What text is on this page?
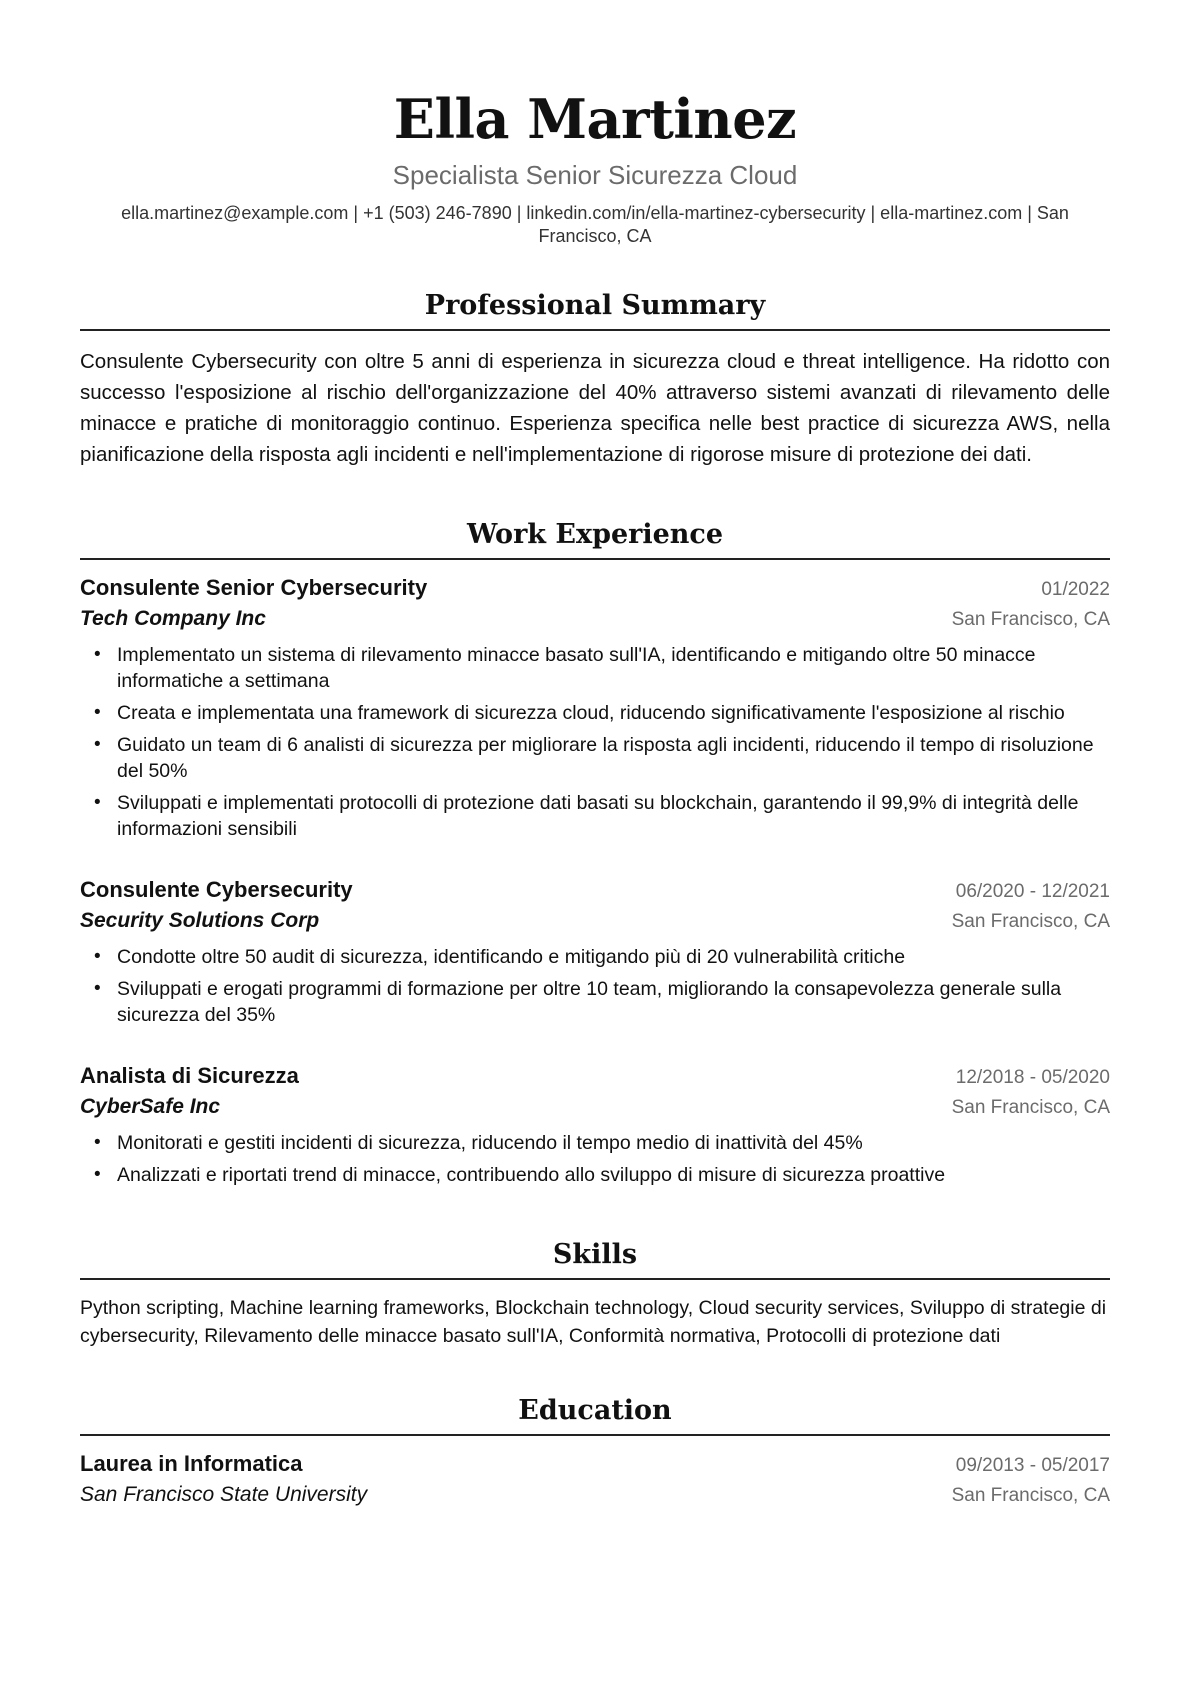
Ella Martinez
Specialista Senior Sicurezza Cloud
ella.martinez@example.com | +1 (503) 246-7890 | linkedin.com/in/ella-martinez-cybersecurity | ella-martinez.com | San Francisco, CA
Professional Summary
Consulente Cybersecurity con oltre 5 anni di esperienza in sicurezza cloud e threat intelligence. Ha ridotto con successo l'esposizione al rischio dell'organizzazione del 40% attraverso sistemi avanzati di rilevamento delle minacce e pratiche di monitoraggio continuo. Esperienza specifica nelle best practice di sicurezza AWS, nella pianificazione della risposta agli incidenti e nell'implementazione di rigorose misure di protezione dei dati.
Work Experience
Consulente Senior Cybersecurity	01/2022
Tech Company Inc	San Francisco, CA
• Implementato un sistema di rilevamento minacce basato sull'IA, identificando e mitigando oltre 50 minacce informatiche a settimana
• Creata e implementata una framework di sicurezza cloud, riducendo significativamente l'esposizione al rischio
• Guidato un team di 6 analisti di sicurezza per migliorare la risposta agli incidenti, riducendo il tempo di risoluzione del 50%
• Sviluppati e implementati protocolli di protezione dati basati su blockchain, garantendo il 99,9% di integrità delle informazioni sensibili
Consulente Cybersecurity	06/2020 - 12/2021
Security Solutions Corp	San Francisco, CA
• Condotte oltre 50 audit di sicurezza, identificando e mitigando più di 20 vulnerabilità critiche
• Sviluppati e erogati programmi di formazione per oltre 10 team, migliorando la consapevolezza generale sulla sicurezza del 35%
Analista di Sicurezza	12/2018 - 05/2020
CyberSafe Inc	San Francisco, CA
• Monitorati e gestiti incidenti di sicurezza, riducendo il tempo medio di inattività del 45%
• Analizzati e riportati trend di minacce, contribuendo allo sviluppo di misure di sicurezza proattive
Skills
Python scripting, Machine learning frameworks, Blockchain technology, Cloud security services, Sviluppo di strategie di cybersecurity, Rilevamento delle minacce basato sull'IA, Conformità normativa, Protocolli di protezione dati
Education
Laurea in Informatica	09/2013 - 05/2017
San Francisco State University	San Francisco, CA
